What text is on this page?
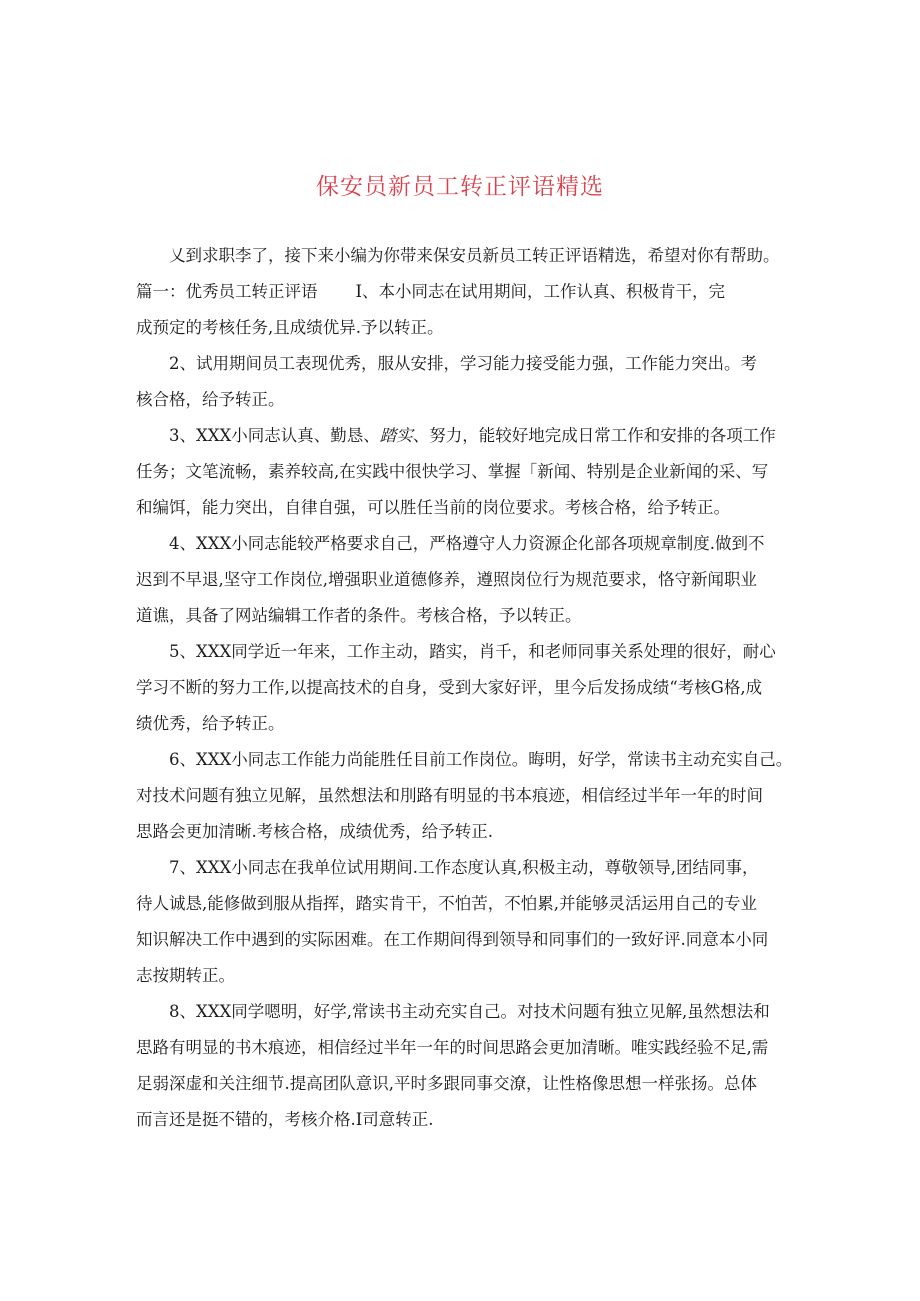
保安员新员工转正评语精选
乂到求职李了，接下来小编为你带来保安员新员工转正评语精选，希望对你有帮助。
篇一：优秀员工转正评语 I、本小同志在试用期间，工作认真、积极肯干，完
成预定的考核任务,且成绩优异.予以转正。
2、试用期间员工表现优秀，服从安排，学习能力接受能力强，工作能力突出。考
核合格，给予转正。
3、XXX小同志认真、勤恳、踏实、努力，能较好地完成日常工作和安排的各项工作
任务；文笔流畅，素养较高,在实践中很快学习、掌握「新闻、特别是企业新闻的采、写
和编饵，能力突出，自律自强，可以胜任当前的岗位要求。考核合格，给予转正。
4、XXX小同志能较严格要求自己，严格遵守人力资源企化部各项规章制度.做到不
迟到不早退,坚守工作岗位,增强职业道德修养，遵照岗位行为规范要求，恪守新闻职业
道谯，具备了网站编辑工作者的条件。考核合格，予以转正。
5、XXX同学近一年来，工作主动，踏实，肖千，和老师同事关系处理的很好，耐心
学习不断的努力工作,以提高技术的自身，受到大家好评，里今后发扬成绩“考核G格,成
绩优秀，给予转正。
6、XXX小同志工作能力尚能胜任目前工作岗位。晦明，好学，常读书主动充实自己。
对技术问题有独立见解，虽然想法和刖路有明显的书本痕迹，相信经过半年一年的时间
思路会更加清晰.考核合格，成绩优秀，给予转正.
7、XXX小同志在我单位试用期间.工作态度认真,积极主动，尊敬领导,团结同事，
待人诚恳,能修做到服从指挥，踏实肯干，不怕苦，不怕累,并能够灵活运用自己的专业
知识解决工作中遇到的实际困难。在工作期间得到领导和同事们的一致好评.同意本小同
志按期转正。
8、XXX同学嗯明，好学,常读书主动充实自己。对技术问题有独立见解,虽然想法和
思路有明显的书木痕迹，相信经过半年一年的时间思路会更加清晰。唯实践经验不足,需
足弱深虚和关注细节.提高团队意识,平时多跟同事交潦，让性格像思想一样张扬。总体
而言还是挺不错的，考核介格.I司意转正.
